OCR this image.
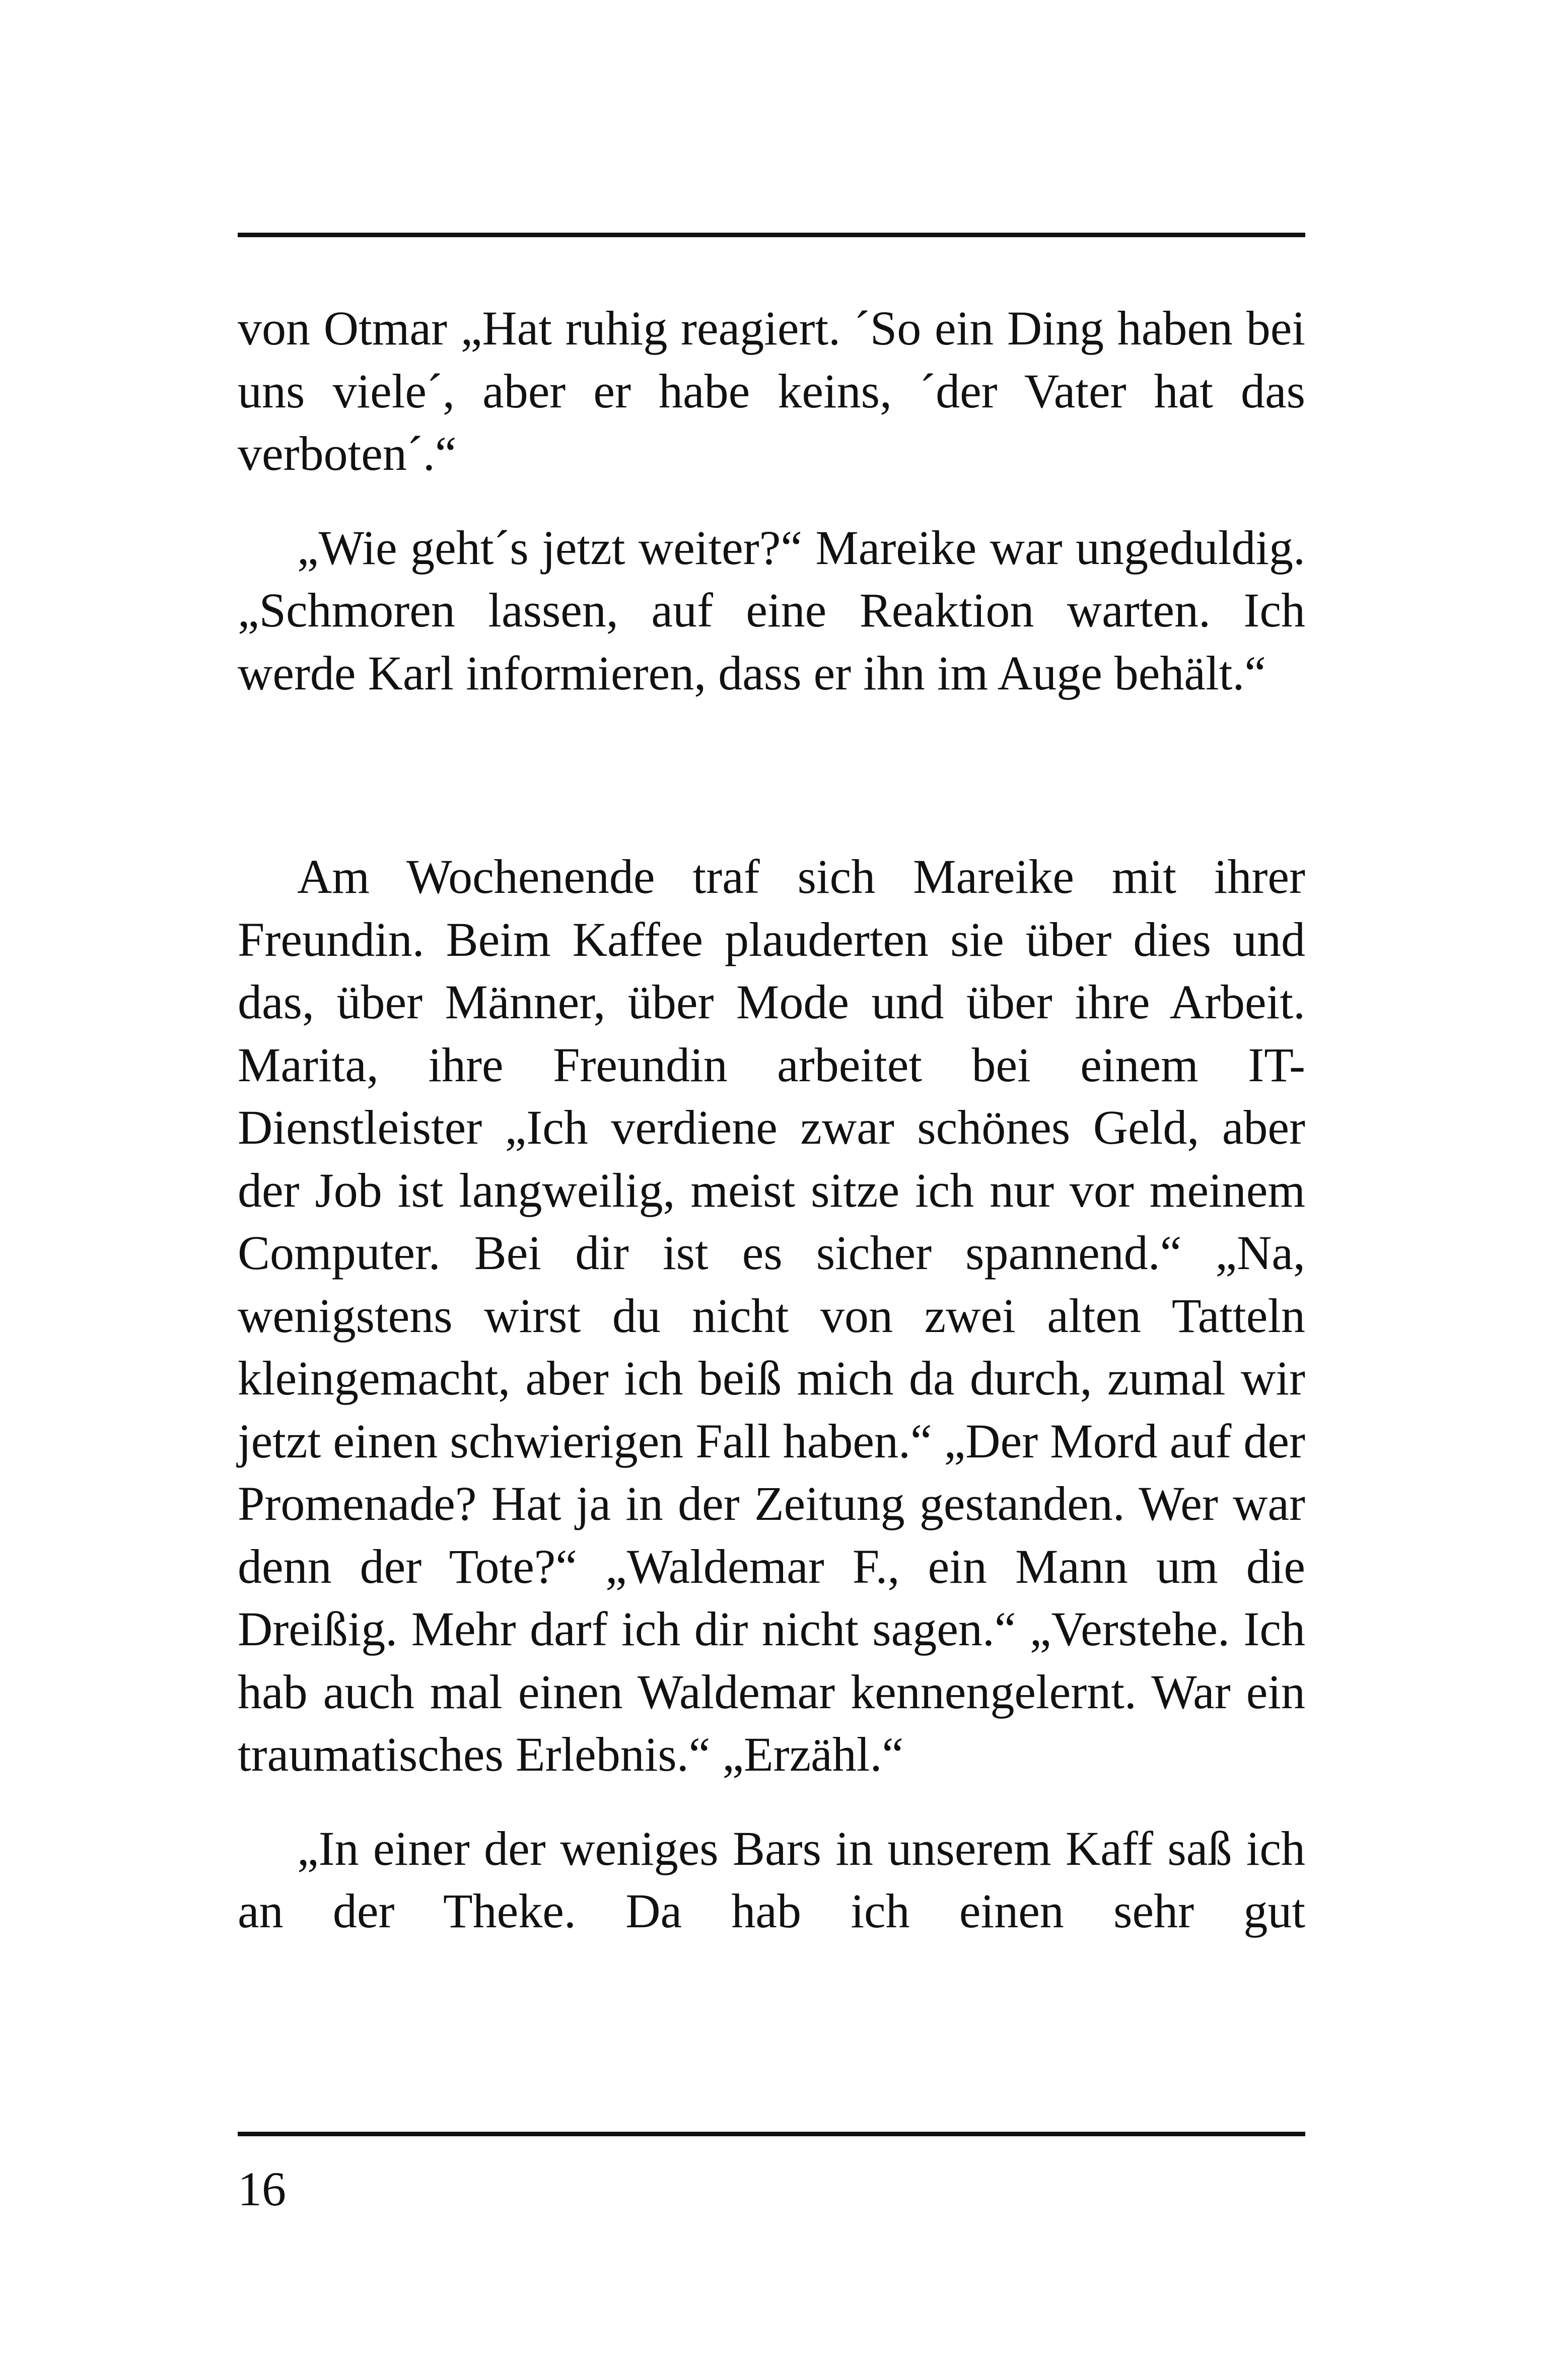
von Otmar „Hat ruhig reagiert. ´So ein Ding haben bei uns viele´, aber er habe keins, ´der Vater hat das verboten´.“

„Wie geht´s jetzt weiter?“ Mareike war ungeduldig. „Schmoren lassen, auf eine Reaktion warten. Ich werde Karl informieren, dass er ihn im Auge behält.“

Am Wochenende traf sich Mareike mit ihrer Freundin. Beim Kaffee plauderten sie über dies und das, über Männer, über Mode und über ihre Arbeit. Marita, ihre Freundin arbeitet bei einem IT-Dienstleister „Ich verdiene zwar schönes Geld, aber der Job ist langweilig, meist sitze ich nur vor meinem Computer. Bei dir ist es sicher spannend.“ „Na, wenigstens wirst du nicht von zwei alten Tatteln kleingemacht, aber ich beiß mich da durch, zumal wir jetzt einen schwierigen Fall haben.“ „Der Mord auf der Promenade? Hat ja in der Zeitung gestanden. Wer war denn der Tote?“ „Waldemar F., ein Mann um die Dreißig. Mehr darf ich dir nicht sagen.“ „Verstehe. Ich hab auch mal einen Waldemar kennengelernt. War ein traumatisches Erlebnis.“ „Erzähl.“

„In einer der weniges Bars in unserem Kaff saß ich an der Theke. Da hab ich einen sehr gut

16
